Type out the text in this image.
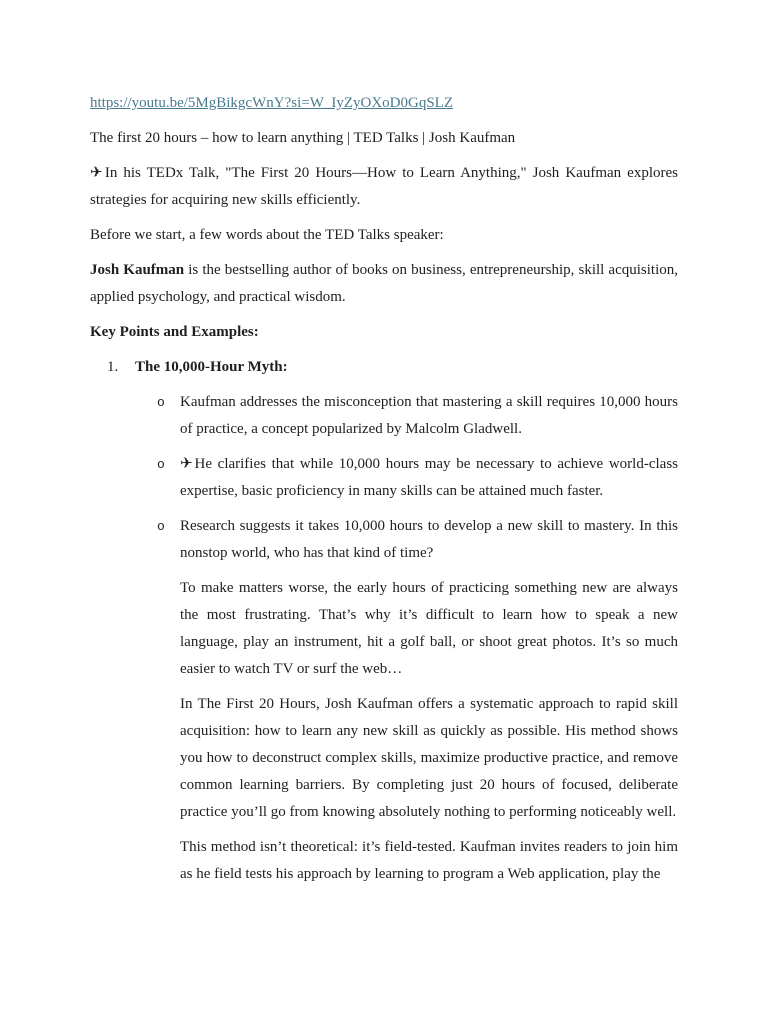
https://youtu.be/5MgBikgcWnY?si=W_IyZyOXoD0GqSLZ
The first 20 hours – how to learn anything | TED Talks | Josh Kaufman
✈In his TEDx Talk, "The First 20 Hours—How to Learn Anything," Josh Kaufman explores strategies for acquiring new skills efficiently.
Before we start, a few words about the TED Talks speaker:
Josh Kaufman is the bestselling author of books on business, entrepreneurship, skill acquisition, applied psychology, and practical wisdom.
Key Points and Examples:
1. The 10,000-Hour Myth:
o Kaufman addresses the misconception that mastering a skill requires 10,000 hours of practice, a concept popularized by Malcolm Gladwell.
o ✈He clarifies that while 10,000 hours may be necessary to achieve world-class expertise, basic proficiency in many skills can be attained much faster.
o Research suggests it takes 10,000 hours to develop a new skill to mastery. In this nonstop world, who has that kind of time?
To make matters worse, the early hours of practicing something new are always the most frustrating. That’s why it’s difficult to learn how to speak a new language, play an instrument, hit a golf ball, or shoot great photos. It’s so much easier to watch TV or surf the web…
In The First 20 Hours, Josh Kaufman offers a systematic approach to rapid skill acquisition: how to learn any new skill as quickly as possible. His method shows you how to deconstruct complex skills, maximize productive practice, and remove common learning barriers. By completing just 20 hours of focused, deliberate practice you’ll go from knowing absolutely nothing to performing noticeably well.
This method isn’t theoretical: it’s field-tested. Kaufman invites readers to join him as he field tests his approach by learning to program a Web application, play the
